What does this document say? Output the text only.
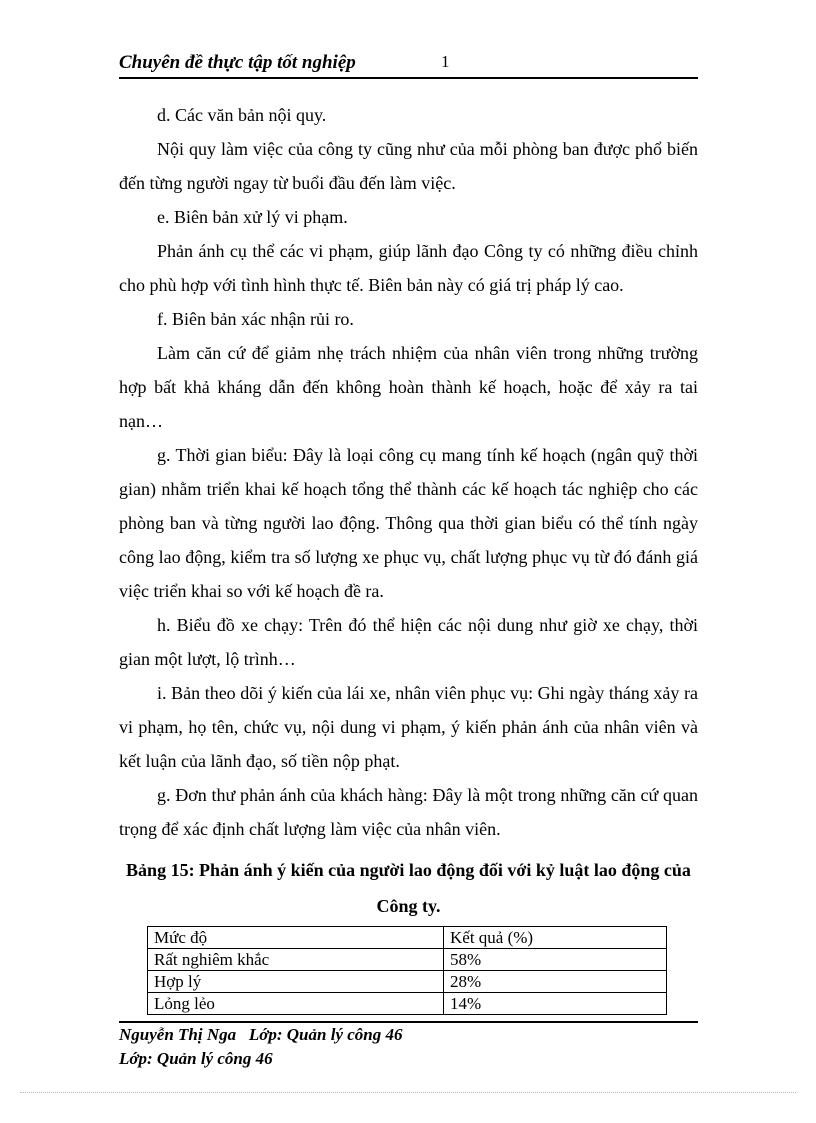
Chuyên đề thực tập tốt nghiệp	1

d. Các văn bản nội quy.

Nội quy làm việc của công ty cũng như của mỗi phòng ban được phổ biến đến từng người ngay từ buổi đầu đến làm việc.

e. Biên bản xử lý vi phạm.

Phản ánh cụ thể các vi phạm, giúp lãnh đạo Công ty có những điều chỉnh cho phù hợp với tình hình thực tế. Biên bản này có giá trị pháp lý cao.

f. Biên bản xác nhận rủi ro.

Làm căn cứ để giảm nhẹ trách nhiệm của nhân viên trong những trường hợp bất khả kháng dẫn đến không hoàn thành kế hoạch, hoặc để xảy ra tai nạn…

g. Thời gian biểu: Đây là loại công cụ mang tính kế hoạch (ngân quỹ thời gian) nhằm triển khai kế hoạch tổng thể thành các kế hoạch tác nghiệp cho các phòng ban và từng người lao động. Thông qua thời gian biểu có thể tính ngày công lao động, kiểm tra số lượng xe phục vụ, chất lượng phục vụ từ đó đánh giá việc triển khai so với kế hoạch đề ra.

h. Biểu đồ xe chạy: Trên đó thể hiện các nội dung như giờ xe chạy, thời gian một lượt, lộ trình…

i. Bản theo dõi ý kiến của lái xe, nhân viên phục vụ: Ghi ngày tháng xảy ra vi phạm, họ tên, chức vụ, nội dung vi phạm, ý kiến phản ánh của nhân viên và kết luận của lãnh đạo, số tiền nộp phạt.

g. Đơn thư phản ánh của khách hàng: Đây là một trong những căn cứ quan trọng để xác định chất lượng làm việc của nhân viên.

Bảng 15: Phản ánh ý kiến của người lao động đối với kỷ luật lao động của Công ty.
Mức độ	Kết quả (%)
Rất nghiêm khắc	58%
Hợp lý	28%
Lỏng lẻo	14%
Nguyễn Thị Nga   Lớp: Quản lý công 46
Lớp: Quản lý công 46
